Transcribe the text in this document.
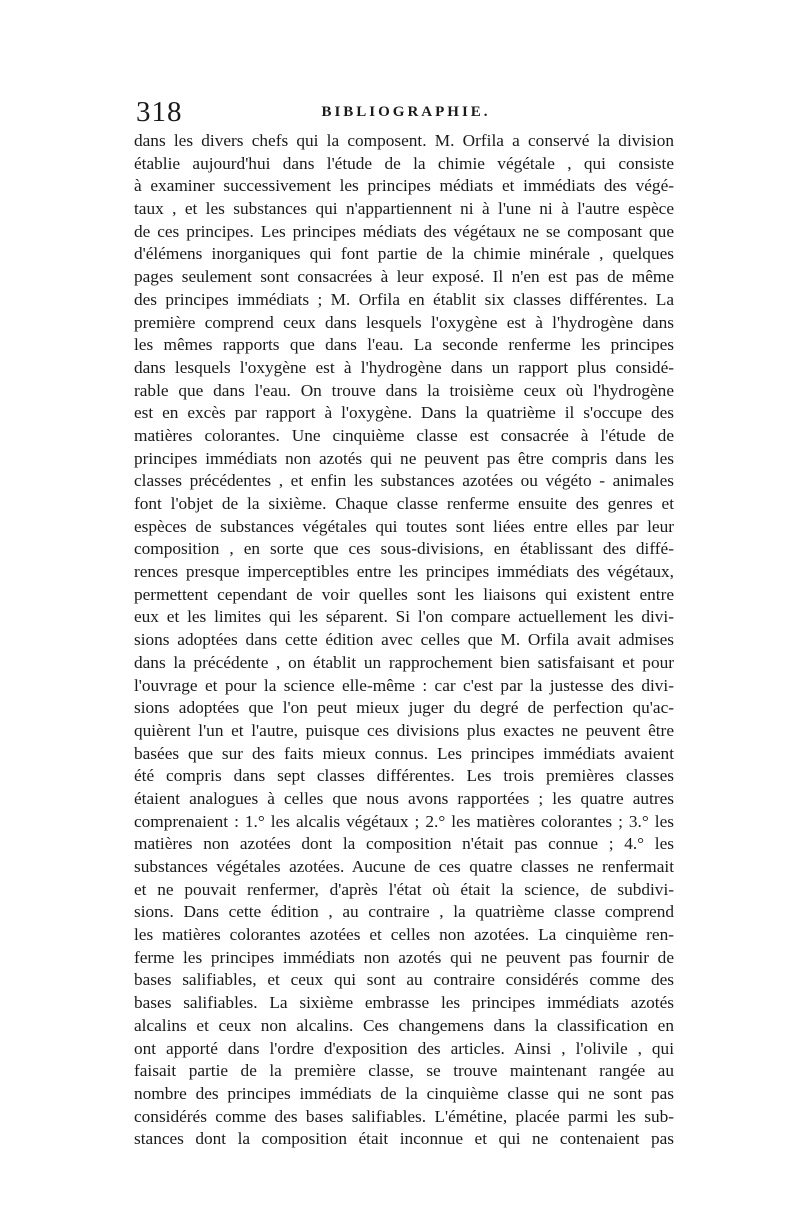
318	BIBLIOGRAPHIE.
dans les divers chefs qui la composent. M. Orfila a conservé la division
établie aujourd'hui dans l'étude de la chimie végétale , qui consiste
à examiner successivement les principes médiats et immédiats des végé-
taux , et les substances qui n'appartiennent ni à l'une ni à l'autre espèce
de ces principes. Les principes médiats des végétaux ne se composant que
d'élémens inorganiques qui font partie de la chimie minérale , quelques
pages seulement sont consacrées à leur exposé. Il n'en est pas de même
des principes immédiats ; M. Orfila en établit six classes différentes. La
première comprend ceux dans lesquels l'oxygène est à l'hydrogène dans
les mêmes rapports que dans l'eau. La seconde renferme les principes
dans lesquels l'oxygène est à l'hydrogène dans un rapport plus considé-
rable que dans l'eau. On trouve dans la troisième ceux où l'hydrogène
est en excès par rapport à l'oxygène. Dans la quatrième il s'occupe des
matières colorantes. Une cinquième classe est consacrée à l'étude de
principes immédiats non azotés qui ne peuvent pas être compris dans les
classes précédentes , et enfin les substances azotées ou végéto - animales
font l'objet de la sixième. Chaque classe renferme ensuite des genres et
espèces de substances végétales qui toutes sont liées entre elles par leur
composition , en sorte que ces sous-divisions, en établissant des diffé-
rences presque imperceptibles entre les principes immédiats des végétaux,
permettent cependant de voir quelles sont les liaisons qui existent entre
eux et les limites qui les séparent. Si l'on compare actuellement les divi-
sions adoptées dans cette édition avec celles que M. Orfila avait admises
dans la précédente , on établit un rapprochement bien satisfaisant et pour
l'ouvrage et pour la science elle-même : car c'est par la justesse des divi-
sions adoptées que l'on peut mieux juger du degré de perfection qu'ac-
quièrent l'un et l'autre, puisque ces divisions plus exactes ne peuvent être
basées que sur des faits mieux connus. Les principes immédiats avaient
été compris dans sept classes différentes. Les trois premières classes
étaient analogues à celles que nous avons rapportées ; les quatre autres
comprenaient : 1.° les alcalis végétaux ; 2.° les matières colorantes ; 3.° les
matières non azotées dont la composition n'était pas connue ; 4.° les
substances végétales azotées. Aucune de ces quatre classes ne renfermait
et ne pouvait renfermer, d'après l'état où était la science, de subdivi-
sions. Dans cette édition , au contraire , la quatrième classe comprend
les matières colorantes azotées et celles non azotées. La cinquième ren-
ferme les principes immédiats non azotés qui ne peuvent pas fournir de
bases salifiables, et ceux qui sont au contraire considérés comme des
bases salifiables. La sixième embrasse les principes immédiats azotés
alcalins et ceux non alcalins. Ces changemens dans la classification en
ont apporté dans l'ordre d'exposition des articles. Ainsi , l'olivile , qui
faisait partie de la première classe, se trouve maintenant rangée au
nombre des principes immédiats de la cinquième classe qui ne sont pas
considérés comme des bases salifiables. L'émétine, placée parmi les sub-
stances dont la composition était inconnue et qui ne contenaient pas
